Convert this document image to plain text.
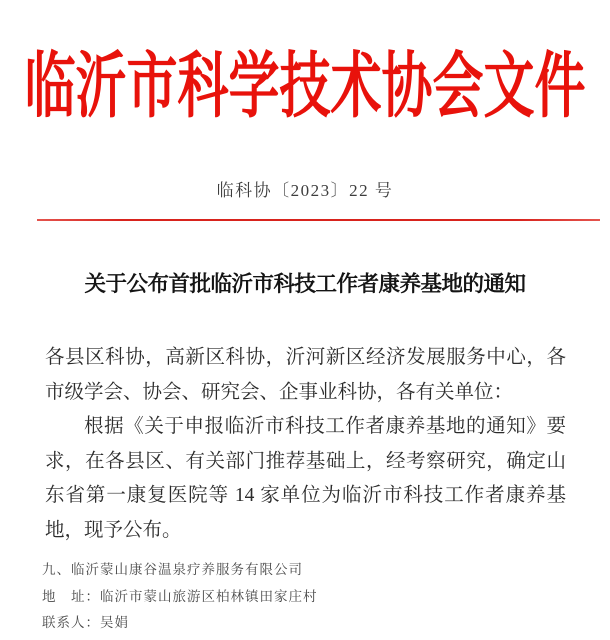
临沂市科学技术协会文件
临科协〔2023〕22 号
关于公布首批临沂市科技工作者康养基地的通知
各县区科协，高新区科协，沂河新区经济发展服务中心，各
市级学会、协会、研究会、企事业科协，各有关单位：
根据《关于申报临沂市科技工作者康养基地的通知》要
求，在各县区、有关部门推荐基础上，经考察研究，确定山
东省第一康复医院等 14 家单位为临沂市科技工作者康养基
地，现予公布。
九、临沂蒙山康谷温泉疗养服务有限公司
地　址：临沂市蒙山旅游区柏林镇田家庄村
联系人：吴娟
